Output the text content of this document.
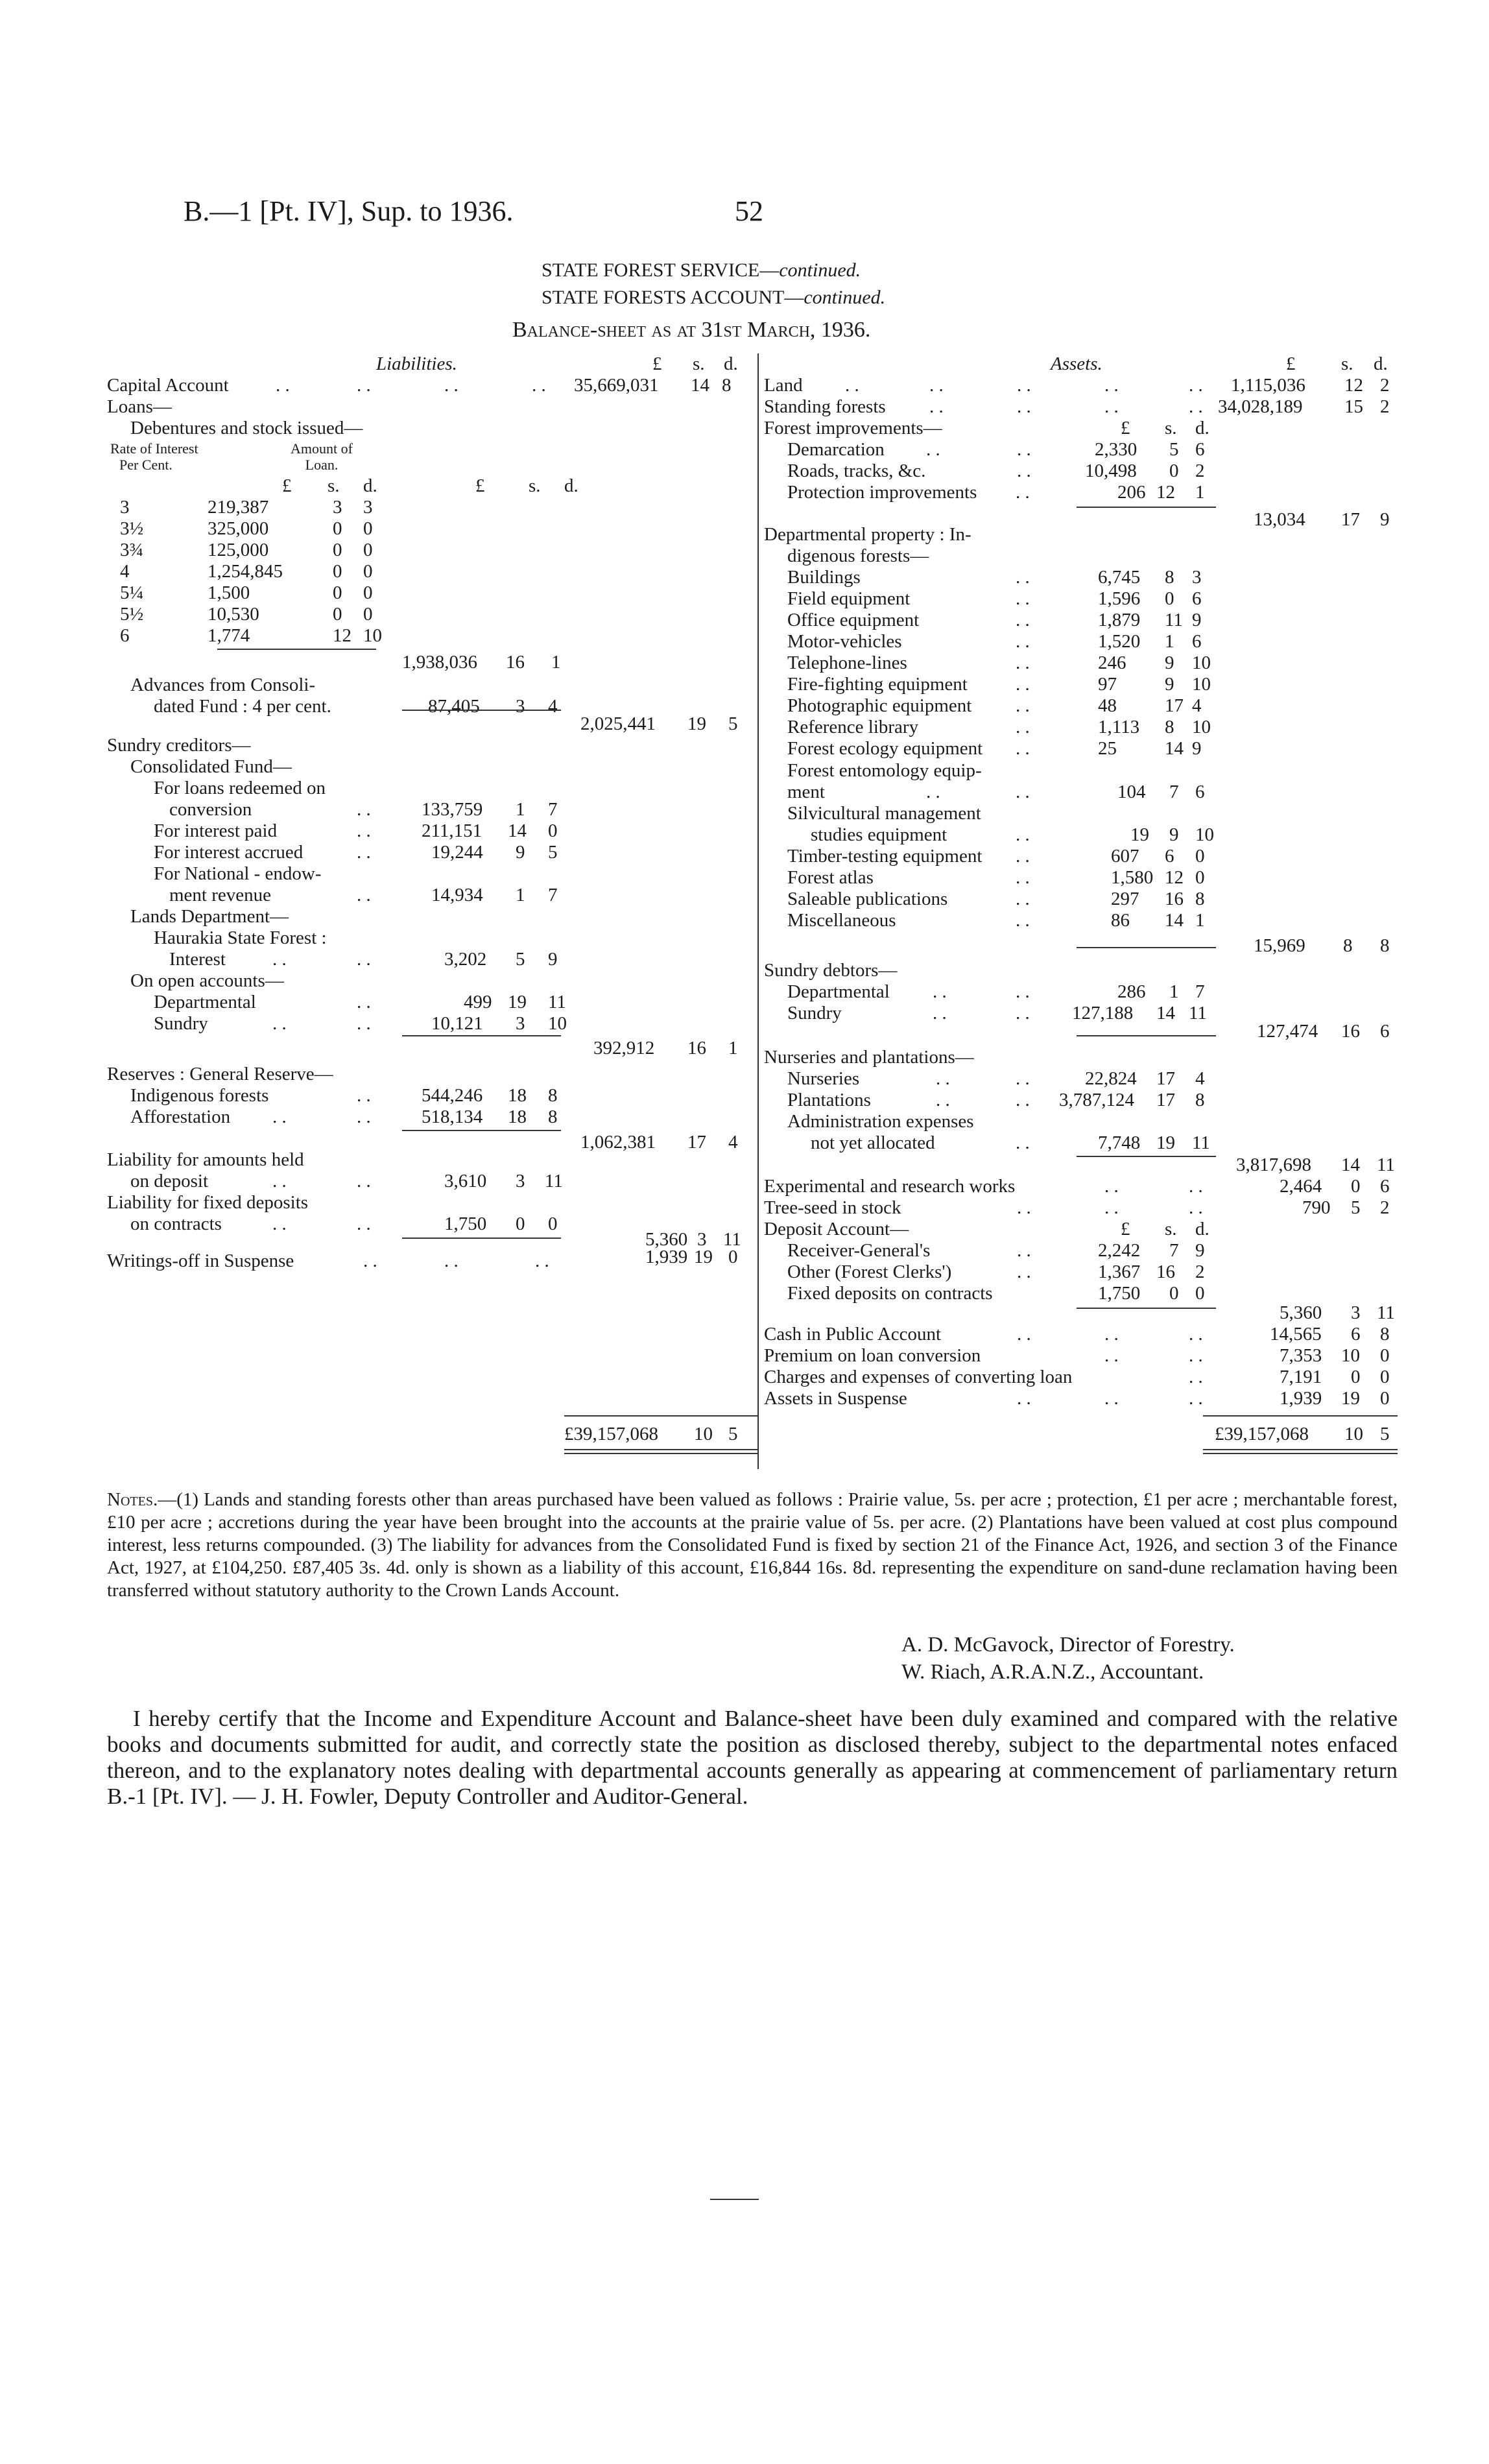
B.—1 [Pt. IV], Sup. to 1936.	52
STATE FOREST SERVICE—continued.
STATE FORESTS ACCOUNT—continued.
Balance-sheet as at 31st March, 1936.
Liabilities.	£ s. d.
Capital Account . .	. .	. .	. . 35,669,031 14 8
Loans—
Debentures and stock issued—
Rate of Interest
Per Cent.
Amount of
Loan.
£ s. d.	£ s. d.
3	219,387	3 3
3½	325,000	0 0
3¾	125,000	0 0
4	1,254,845	0 0
5¼	1,500	0 0
5½	10,530	0 0
6	1,774	12 10
1,938,036 16 1
Advances from Consoli-
dated Fund : 4 per cent.	87,405 3 4
2,025,441 19 5
Sundry creditors—
Consolidated Fund—
For loans redeemed on
conversion	. .	133,759 1 7
For interest paid	. .	211,151 14 0
For interest accrued	. .	19,244 9 5
For National - endow-
ment revenue	. .	14,934 1 7
Lands Department—
Haurakia State Forest :
Interest . .	. .	3,202 5 9
On open accounts—
Departmental	. .	499 19 11
Sundry	. .	. .	10,121 3 10
392,912 16 1
Reserves : General Reserve—
Indigenous forests	. .	544,246 18 8
Afforestation . .	. .	518,134 18 8
1,062,381 17 4
Liability for amounts held
on deposit	. .	. .	3,610 3 11
Liability for fixed deposits
on contracts	. .	. .	1,750 0 0
5,360 3 11
Writings-off in Suspense	. .	. .	. .	1,939 19 0
£39,157,068 10 5
Assets.	£ s. d.
Land . .	. .	. .	. .	. . 1,115,036 12 2
Standing forests . .	. .	. .	. . 34,028,189 15 2
Forest improvements—	£ s. d.
Demarcation . .	. .	2,330 5 6
Roads, tracks, &c.	. .	10,498 0 2
Protection improvements . .	206 12 1
13,034 17 9
Departmental property : In-
digenous forests—
Buildings	. .	6,745 8 3
Field equipment	. .	1,596 0 6
Office equipment	. .	1,879 11 9
Motor-vehicles	. .	1,520 1 6
Telephone-lines	. .	246 9 10
Fire-fighting equipment	. .	97	9 10
Photographic equipment . .	48	17 4
Reference library	. .	1,113 8 10
Forest ecology equipment . .	25	14 9
Forest entomology equip-
ment	. .	. .	104 7 6
Silvicultural management
studies equipment	. .	19 9 10
Timber-testing equipment . .	607 6 0
Forest atlas	. .	1,580 12 0
Saleable publications	. .	297 16 8
Miscellaneous	. .	86 14 1
15,969 8 8
Sundry debtors—
Departmental . .	. .	286 1 7
Sundry	. .	. . 127,188 14 11
127,474 16 6
Nurseries and plantations—
Nurseries	. .	. .	22,824 17 4
Plantations	. .	. . 3,787,124 17 8
Administration expenses
not yet allocated	. .	7,748 19 11
3,817,698 14 11
Experimental and research works	. .	. .	2,464 0 6
Tree-seed in stock	. .	. .	. .	790 5 2
Deposit Account—	£ s. d.
Receiver-General's	. .	2,242 7 9
Other (Forest Clerks')	. .	1,367 16 2
Fixed deposits on contracts	1,750 0 0
5,360 3 11
Cash in Public Account	. .	. .	. .	14,565 6 8
Premium on loan conversion	. .	. .	7,353 10 0
Charges and expenses of converting loan	. .	7,191 0 0
Assets in Suspense	. .	. .	. .	1,939 19 0
£39,157,068 10 5
Notes.—(1) Lands and standing forests other than areas purchased have been valued as follows : Prairie value, 5s. per acre ; protection, £1 per acre ; merchantable forest, £10 per acre ; accretions during the year have been brought into the accounts at the prairie value of 5s. per acre. (2) Plantations have been valued at cost plus compound interest, less returns compounded. (3) The liability for advances from the Consolidated Fund is fixed by section 21 of the Finance Act, 1926, and section 3 of the Finance Act, 1927, at £104,250. £87,405 3s. 4d. only is shown as a liability of this account, £16,844 16s. 8d. representing the expenditure on sand-dune reclamation having been transferred without statutory authority to the Crown Lands Account.
A. D. McGavock, Director of Forestry.
W. Riach, A.R.A.N.Z., Accountant.
I hereby certify that the Income and Expenditure Account and Balance-sheet have been duly examined and compared with the relative books and documents submitted for audit, and correctly state the position as disclosed thereby, subject to the departmental notes enfaced thereon, and to the explanatory notes dealing with departmental accounts generally as appearing at commencement of parliamentary return B.-1 [Pt. IV]. — J. H. Fowler, Deputy Controller and Auditor-General.
